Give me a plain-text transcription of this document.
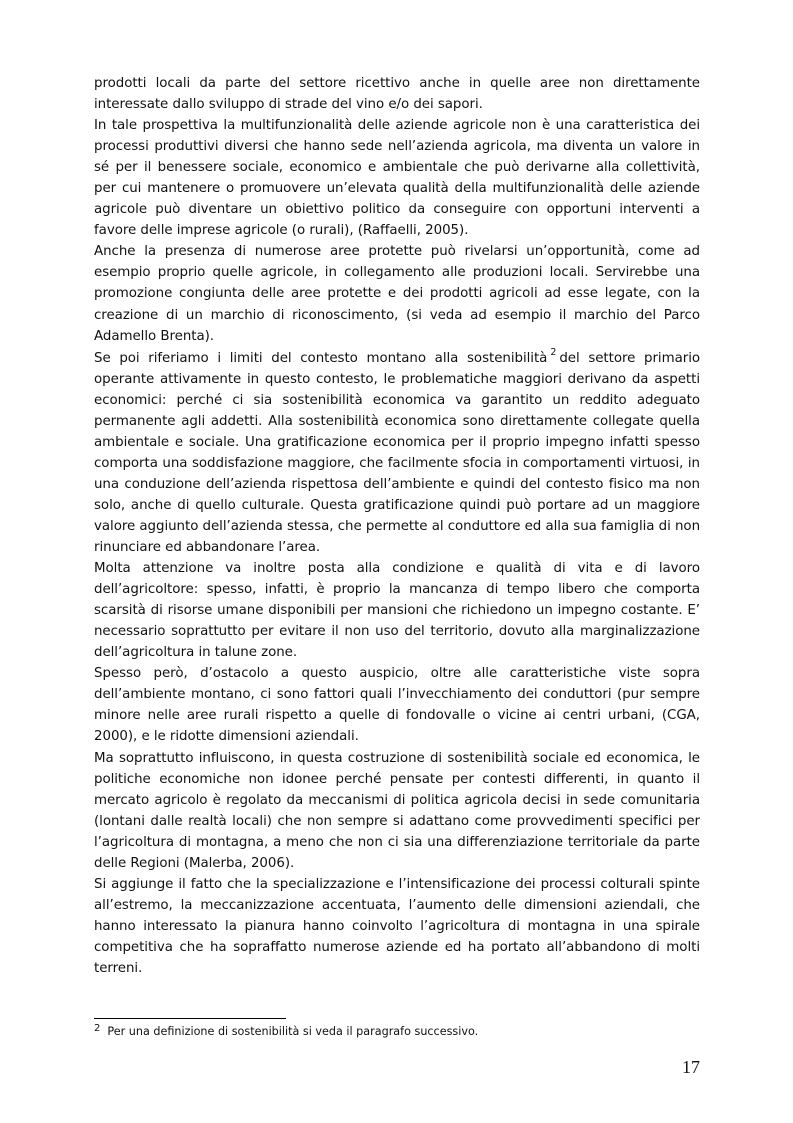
prodotti locali da parte del settore ricettivo anche in quelle aree non direttamente interessate dallo sviluppo di strade del vino e/o dei sapori.

In tale prospettiva la multifunzionalità delle aziende agricole non è una caratteristica dei processi produttivi diversi che hanno sede nell’azienda agricola, ma diventa un valore in sé per il benessere sociale, economico e ambientale che può derivarne alla collettività, per cui mantenere o promuovere un’elevata qualità della multifunzionalità delle aziende agricole può diventare un obiettivo politico da conseguire con opportuni interventi a favore delle imprese agricole (o rurali), (Raffaelli, 2005).

Anche la presenza di numerose aree protette può rivelarsi un’opportunità, come ad esempio proprio quelle agricole, in collegamento alle produzioni locali. Servirebbe una promozione congiunta delle aree protette e dei prodotti agricoli ad esse legate, con la creazione di un marchio di riconoscimento, (si veda ad esempio il marchio del Parco Adamello Brenta).

Se poi riferiamo i limiti del contesto montano alla sostenibilità $^2$ del settore primario operante attivamente in questo contesto, le problematiche maggiori derivano da aspetti economici: perché ci sia sostenibilità economica va garantito un reddito adeguato permanente agli addetti. Alla sostenibilità economica sono direttamente collegate quella ambientale e sociale. Una gratificazione economica per il proprio impegno infatti spesso comporta una soddisfazione maggiore, che facilmente sfocia in comportamenti virtuosi, in una conduzione dell’azienda rispettosa dell’ambiente e quindi del contesto fisico ma non solo, anche di quello culturale. Questa gratificazione quindi può portare ad un maggiore valore aggiunto dell’azienda stessa, che permette al conduttore ed alla sua famiglia di non rinunciare ed abbandonare l’area.

Molta attenzione va inoltre posta alla condizione e qualità di vita e di lavoro dell’agricoltore: spesso, infatti, è proprio la mancanza di tempo libero che comporta scarsità di risorse umane disponibili per mansioni che richiedono un impegno costante. E’ necessario soprattutto per evitare il non uso del territorio, dovuto alla marginalizzazione dell’agricoltura in talune zone.

Spesso però, d’ostacolo a questo auspicio, oltre alle caratteristiche viste sopra dell’ambiente montano, ci sono fattori quali l’invecchiamento dei conduttori (pur sempre minore nelle aree rurali rispetto a quelle di fondovalle o vicine ai centri urbani, (CGA, 2000), e le ridotte dimensioni aziendali.

Ma soprattutto influiscono, in questa costruzione di sostenibilità sociale ed economica, le politiche economiche non idonee perché pensate per contesti differenti, in quanto il mercato agricolo è regolato da meccanismi di politica agricola decisi in sede comunitaria (lontani dalle realtà locali) che non sempre si adattano come provvedimenti specifici per l’agricoltura di montagna, a meno che non ci sia una differenziazione territoriale da parte delle Regioni (Malerba, 2006).

Si aggiunge il fatto che la specializzazione e l’intensificazione dei processi colturali spinte all’estremo, la meccanizzazione accentuata, l’aumento delle dimensioni aziendali, che hanno interessato la pianura hanno coinvolto l’agricoltura di montagna in una spirale competitiva che ha sopraffatto numerose aziende ed ha portato all’abbandono di molti terreni.

$^2$ Per una definizione di sostenibilità si veda il paragrafo successivo.
17
